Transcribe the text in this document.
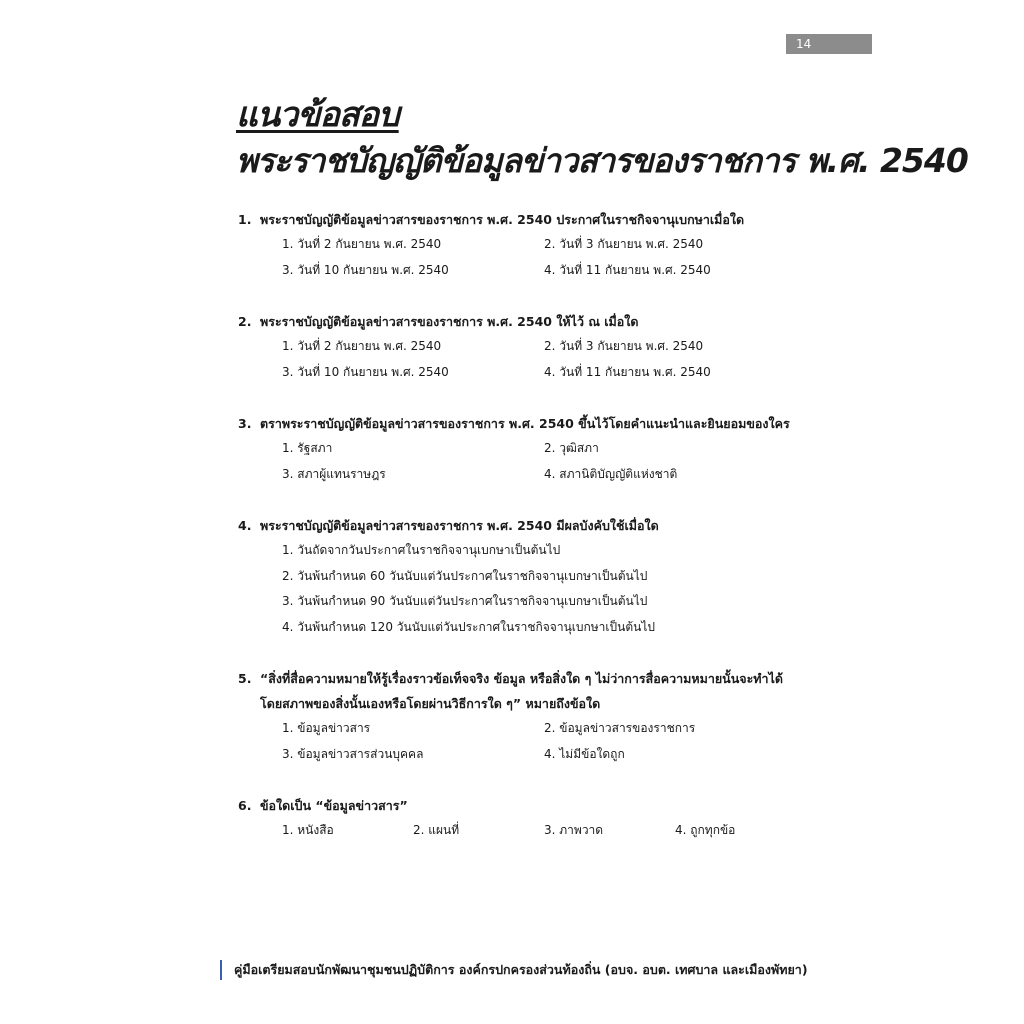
14
แนวข้อสอบ
พระราชบัญญัติข้อมูลข่าวสารของราชการ พ.ศ. 2540
1. พระราชบัญญัติข้อมูลข่าวสารของราชการ พ.ศ. 2540 ประกาศในราชกิจจานุเบกษาเมื่อใด
1. วันที่ 2 กันยายน พ.ศ. 2540	2. วันที่ 3 กันยายน พ.ศ. 2540
3. วันที่ 10 กันยายน พ.ศ. 2540	4. วันที่ 11 กันยายน พ.ศ. 2540
2. พระราชบัญญัติข้อมูลข่าวสารของราชการ พ.ศ. 2540 ให้ไว้ ณ เมื่อใด
1. วันที่ 2 กันยายน พ.ศ. 2540	2. วันที่ 3 กันยายน พ.ศ. 2540
3. วันที่ 10 กันยายน พ.ศ. 2540	4. วันที่ 11 กันยายน พ.ศ. 2540
3. ตราพระราชบัญญัติข้อมูลข่าวสารของราชการ พ.ศ. 2540 ขึ้นไว้โดยคำแนะนำและยินยอมของใคร
1. รัฐสภา	2. วุฒิสภา
3. สภาผู้แทนราษฎร	4. สภานิติบัญญัติแห่งชาติ
4. พระราชบัญญัติข้อมูลข่าวสารของราชการ พ.ศ. 2540 มีผลบังคับใช้เมื่อใด
1. วันถัดจากวันประกาศในราชกิจจานุเบกษาเป็นต้นไป
2. วันพ้นกำหนด 60 วันนับแต่วันประกาศในราชกิจจานุเบกษาเป็นต้นไป
3. วันพ้นกำหนด 90 วันนับแต่วันประกาศในราชกิจจานุเบกษาเป็นต้นไป
4. วันพ้นกำหนด 120 วันนับแต่วันประกาศในราชกิจจานุเบกษาเป็นต้นไป
5. “สิ่งที่สื่อความหมายให้รู้เรื่องราวข้อเท็จจริง ข้อมูล หรือสิ่งใด ๆ ไม่ว่าการสื่อความหมายนั้นจะทำได้
โดยสภาพของสิ่งนั้นเองหรือโดยผ่านวิธีการใด ๆ” หมายถึงข้อใด
1. ข้อมูลข่าวสาร	2. ข้อมูลข่าวสารของราชการ
3. ข้อมูลข่าวสารส่วนบุคคล	4. ไม่มีข้อใดถูก
6. ข้อใดเป็น “ข้อมูลข่าวสาร”
1. หนังสือ	2. แผนที่	3. ภาพวาด	4. ถูกทุกข้อ
คู่มือเตรียมสอบนักพัฒนาชุมชนปฏิบัติการ องค์กรปกครองส่วนท้องถิ่น (อบจ. อบต. เทศบาล และเมืองพัทยา)
